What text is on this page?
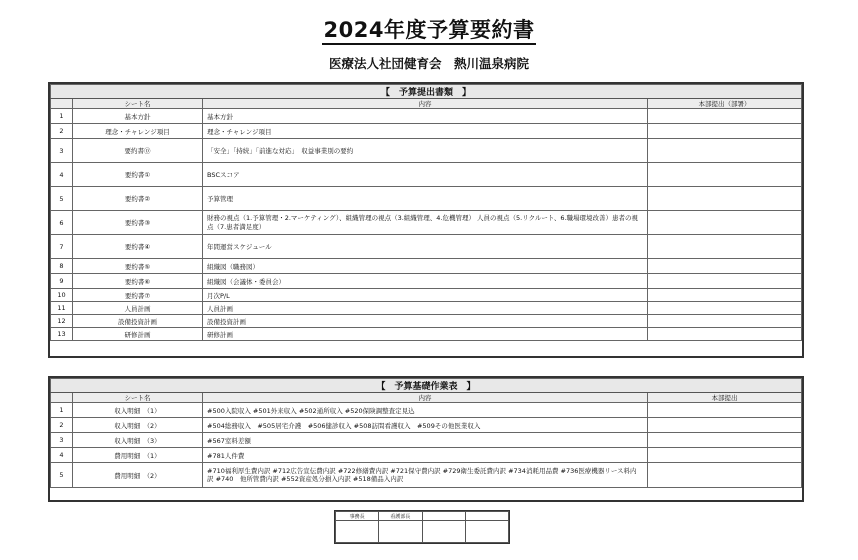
2024年度予算要約書
医療法人社団健育会　熱川温泉病院
【　予算提出書類　】			
	シート名	内容	本部提出（部署）
1	基本方針	基本方針	
2	理念・チャレンジ項目	理念・チャレンジ項目	
3	要約書⓪	「安全」「持続」「前進な対応」　収益事業別の要約	
4	要約書①	BSCスコア	
5	要約書②	予算管理	
6	要約書③	財務の視点（1.予算管理・2.マーケティング）、組織管理の視点（3.組織管理、4.危機管理） 人員の視点（5.リクルート、6.職場環境改善）患者の視点（7.患者満足度）	
7	要約書④	年間運営スケジュール	
8	要約書⑤	組織図（職務図）	
9	要約書⑥	組織図（会議体・委員会）	
10	要約書⑦	月次P/L	
11	人員計画	人員計画	
12	設備投資計画	設備投資計画	
13	研修計画	研修計画	
【　予算基礎作業表　】			
	シート名	内容	本部提出
1	収入明細　（1）	#500入院収入 #501外来収入 #502通所収入 #520保険調整査定見込	
2	収入明細　（2）	#504総務収入　#505居宅介護　#506健診収入 #508訪問看護収入　#509その他医業収入	
3	収入明細　（3）	#567室料差額	
4	費用明細　（1）	#781人件費	
5	費用明細　（2）	#710福利厚生費内訳 #712広告宣伝費内訳 #722修繕費内訳 #721保守費内訳 #729衛生委託費内訳 #734消耗用品費 #736医療機器リース料内訳 #740　他所管費内訳 #552資産処分損入内訳 #518備品入内訳	
事務長	看護部長		
